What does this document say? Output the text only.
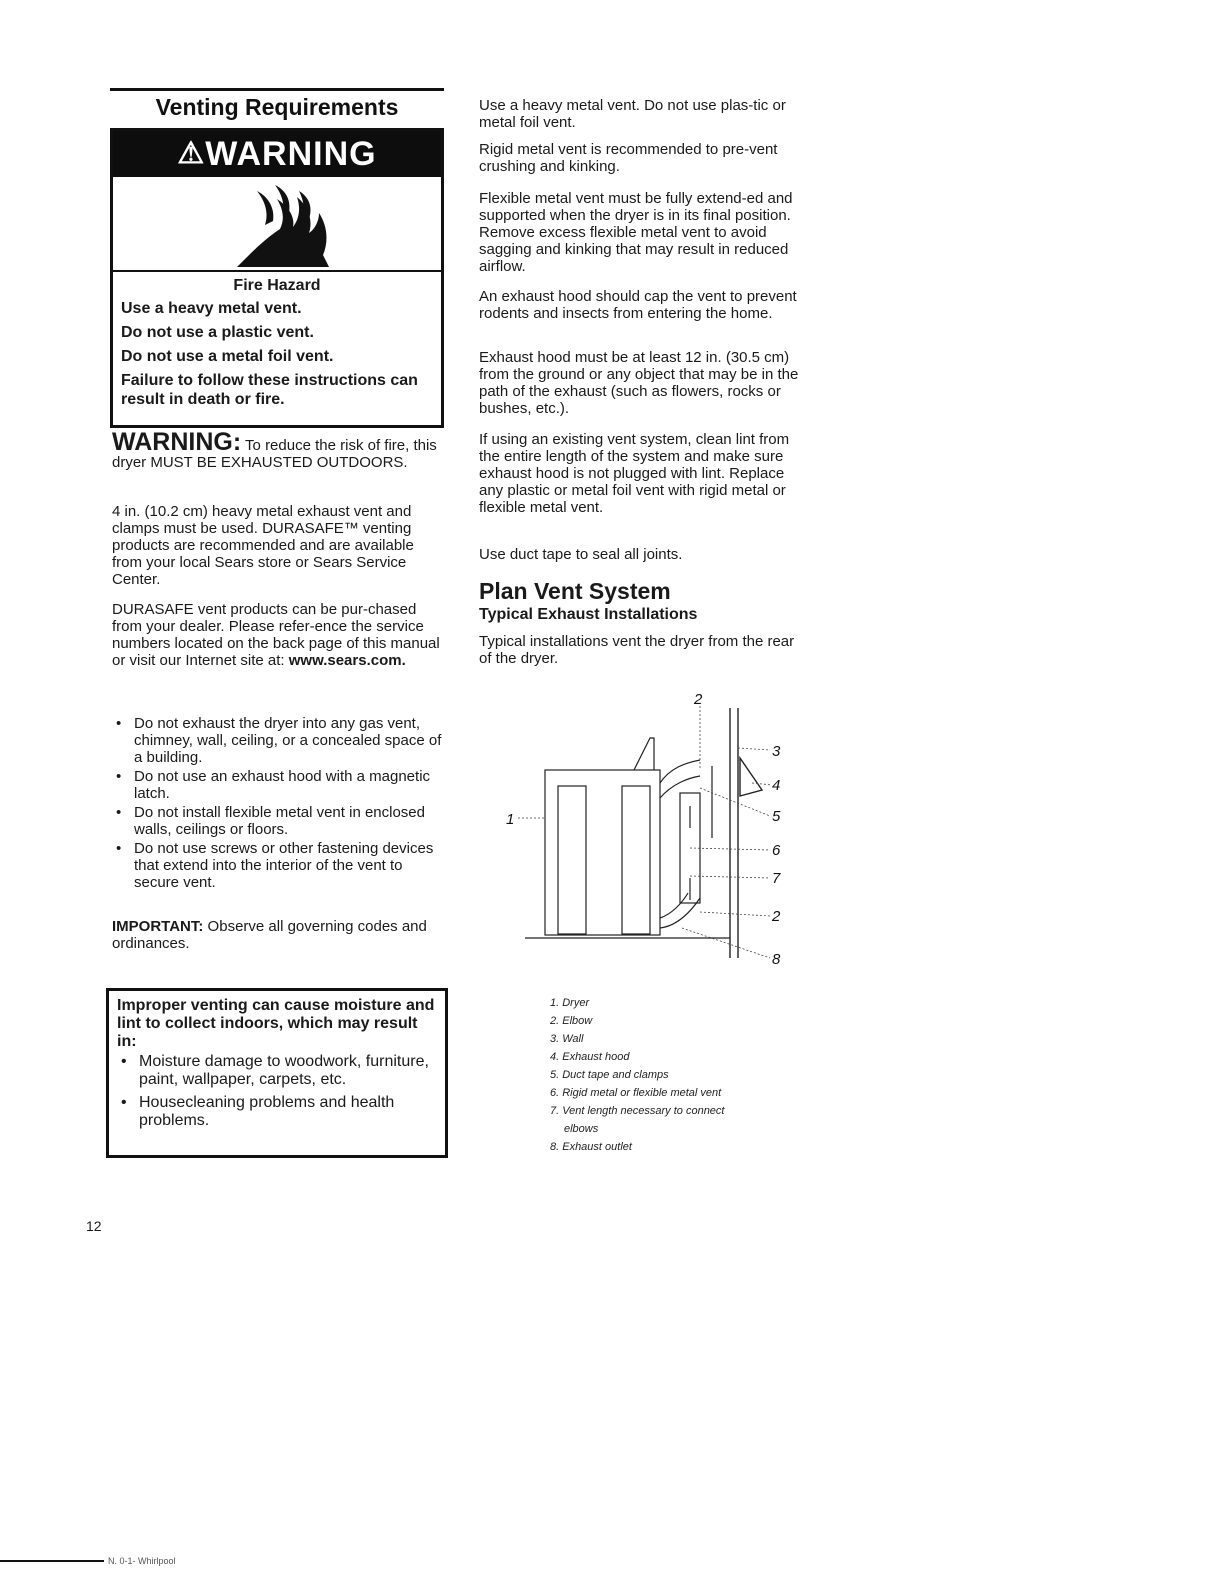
Venting Requirements
⚠WARNING
Fire Hazard
Use a heavy metal vent.
Do not use a plastic vent.
Do not use a metal foil vent.
Failure to follow these instructions can result in death or fire.

WARNING: To reduce the risk of fire, this dryer MUST BE EXHAUSTED OUTDOORS.

4 in. (10.2 cm) heavy metal exhaust vent and clamps must be used. DURASAFE™ venting products are recommended and are available from your local Sears store or Sears Service Center.

DURASAFE vent products can be pur-chased from your dealer. Please refer-ence the service numbers located on the back page of this manual or visit our Internet site at: www.sears.com.

• Do not exhaust the dryer into any gas vent, chimney, wall, ceiling, or a concealed space of a building.
• Do not use an exhaust hood with a magnetic latch.
• Do not install flexible metal vent in enclosed walls, ceilings or floors.
• Do not use screws or other fastening devices that extend into the interior of the vent to secure vent.

IMPORTANT: Observe all governing codes and ordinances.

Improper venting can cause moisture and lint to collect indoors, which may result in:
• Moisture damage to woodwork, furniture, paint, wallpaper, carpets, etc.
• Housecleaning problems and health problems.
12
N. 0-1- Whirlpool

Use a heavy metal vent. Do not use plas-tic or metal foil vent.

Rigid metal vent is recommended to pre-vent crushing and kinking.

Flexible metal vent must be fully extend-ed and supported when the dryer is in its final position. Remove excess flexible metal vent to avoid sagging and kinking that may result in reduced airflow.

An exhaust hood should cap the vent to prevent rodents and insects from entering the home.

Exhaust hood must be at least 12 in. (30.5 cm) from the ground or any object that may be in the path of the exhaust (such as flowers, rocks or bushes, etc.).

If using an existing vent system, clean lint from the entire length of the system and make sure exhaust hood is not plugged with lint. Replace any plastic or metal foil vent with rigid metal or flexible metal vent.

Use duct tape to seal all joints.

Plan Vent System
Typical Exhaust Installations

Typical installations vent the dryer from the rear of the dryer.

1
2
3
4
5
6
7
2
8

1. Dryer

2. Elbow

3. Wall

4. Exhaust hood

5. Duct tape and clamps

6. Rigid metal or flexible metal vent

7. Vent length necessary to connect

elbows

8. Exhaust outlet
